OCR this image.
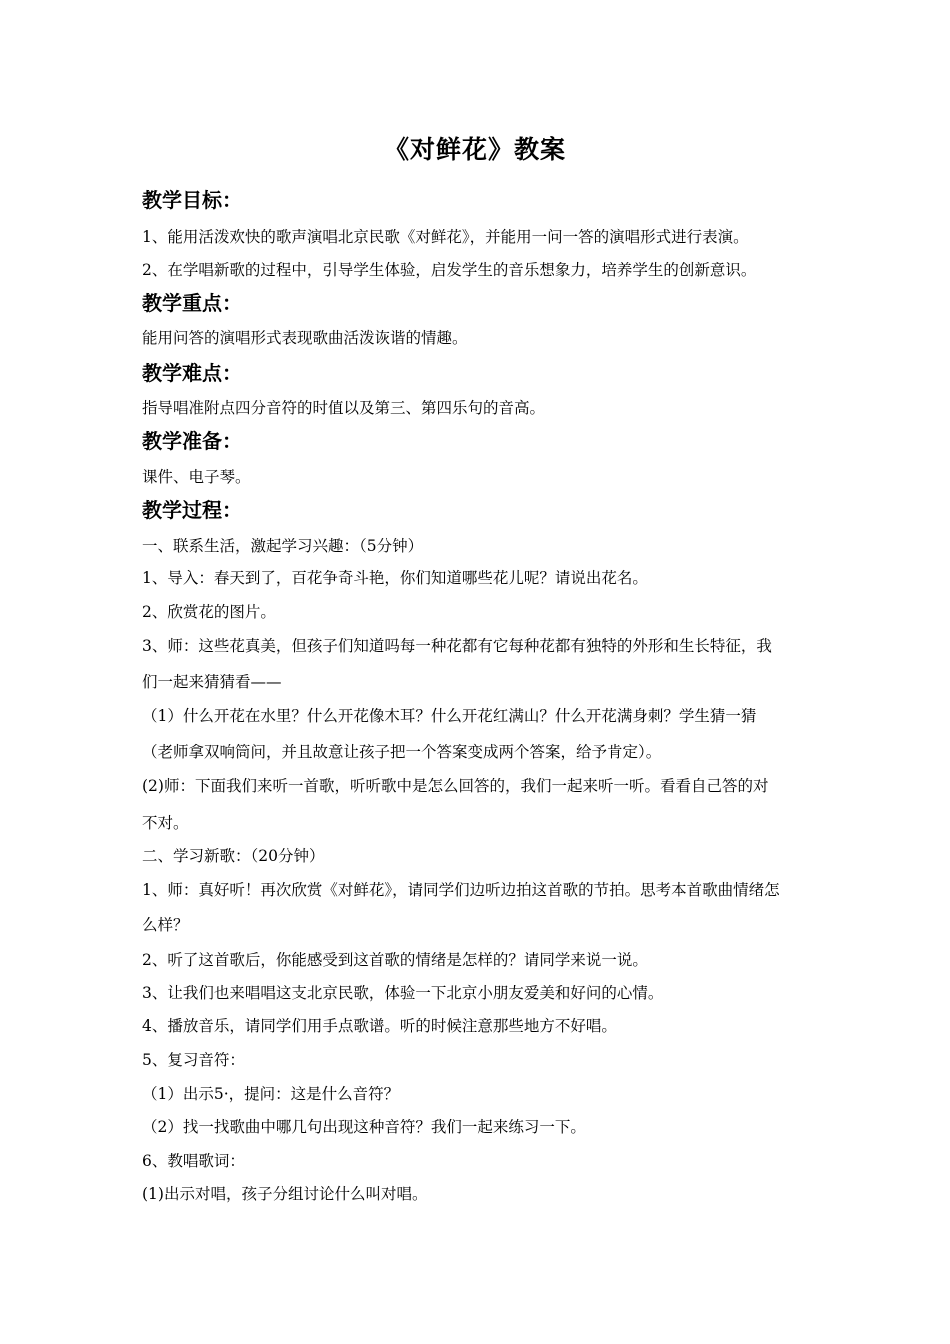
《对鲜花》教案
教学目标：
1、能用活泼欢快的歌声演唱北京民歌《对鲜花》，并能用一问一答的演唱形式进行表演。
2、在学唱新歌的过程中，引导学生体验，启发学生的音乐想象力，培养学生的创新意识。
教学重点：
能用问答的演唱形式表现歌曲活泼诙谐的情趣。
教学难点：
指导唱准附点四分音符的时值以及第三、第四乐句的音高。
教学准备：
课件、电子琴。
教学过程：
一、联系生活，激起学习兴趣：（5分钟）
1、导入：春天到了，百花争奇斗艳，你们知道哪些花儿呢？请说出花名。
2、欣赏花的图片。
3、师：这些花真美，但孩子们知道吗每一种花都有它每种花都有独特的外形和生长特征，我
们一起来猜猜看——
（1）什么开花在水里？什么开花像木耳？什么开花红满山？什么开花满身刺？学生猜一猜
（老师拿双响筒问，并且故意让孩子把一个答案变成两个答案，给予肯定）。
(2)师：下面我们来听一首歌，听听歌中是怎么回答的，我们一起来听一听。看看自己答的对
不对。
二、学习新歌：（20分钟）
1、师：真好听！再次欣赏《对鲜花》，请同学们边听边拍这首歌的节拍。思考本首歌曲情绪怎
么样？
2、听了这首歌后，你能感受到这首歌的情绪是怎样的？请同学来说一说。
3、让我们也来唱唱这支北京民歌，体验一下北京小朋友爱美和好问的心情。
4、播放音乐，请同学们用手点歌谱。听的时候注意那些地方不好唱。
5、复习音符：
（1）出示5·，提问：这是什么音符？
（2）找一找歌曲中哪几句出现这种音符？我们一起来练习一下。
6、教唱歌词：
(1)出示对唱，孩子分组讨论什么叫对唱。
